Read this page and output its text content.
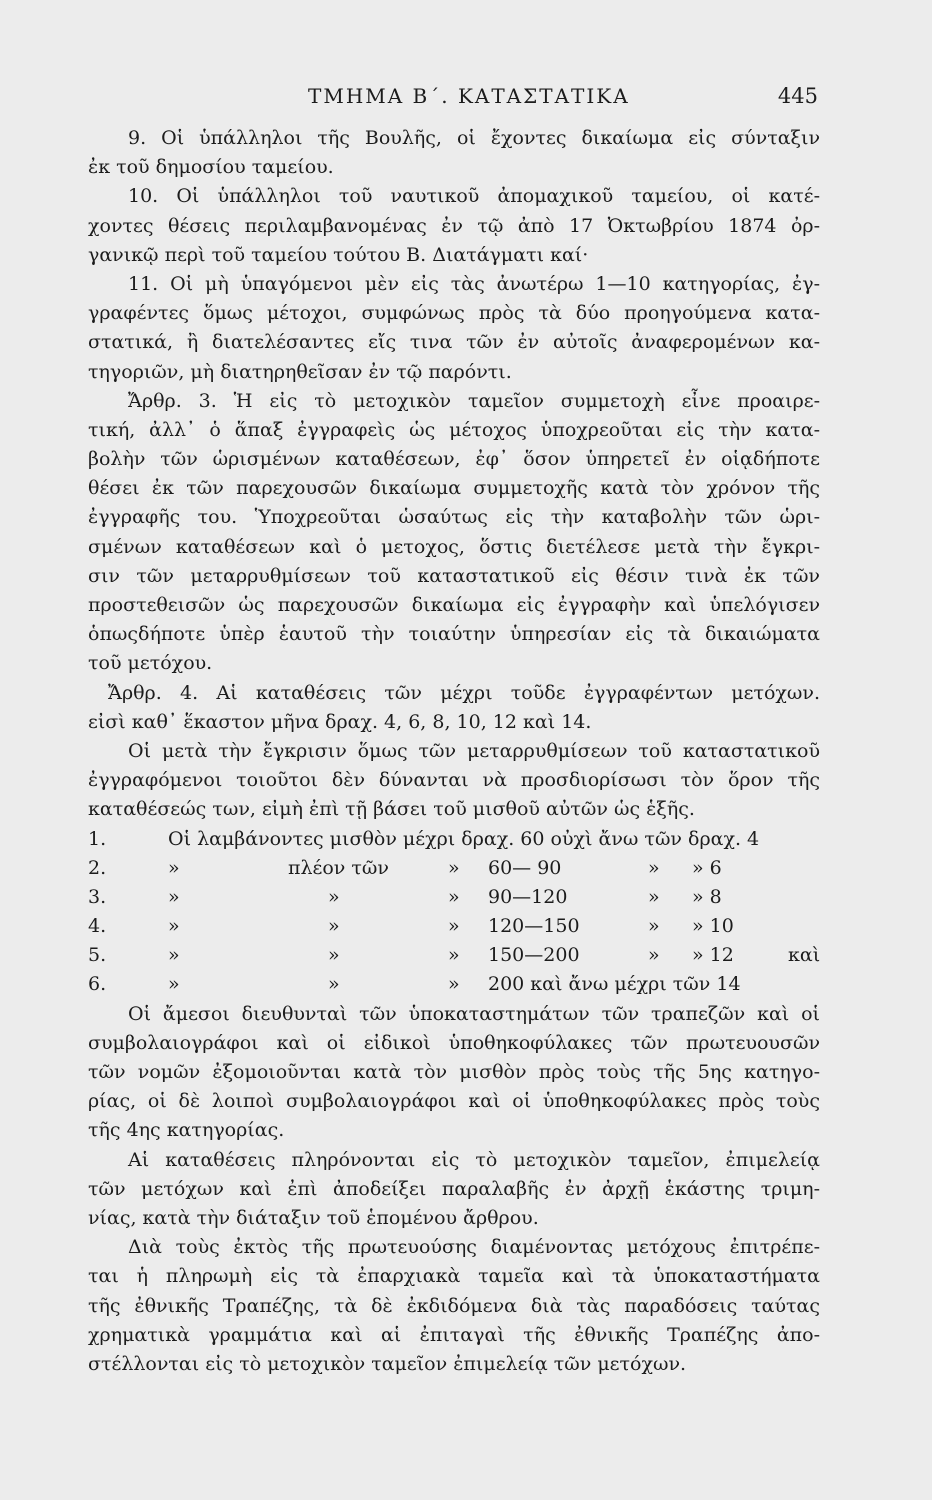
ΤΜΗΜΑ Β΄. ΚΑΤΑΣΤΑΤΙΚΑ	445
9. Οἱ ὑπάλληλοι τῆς Βουλῆς, οἱ ἔχοντες δικαίωμα εἰς σύνταξιν
ἐκ τοῦ δημοσίου ταμείου.
10. Οἱ ὑπάλληλοι τοῦ ναυτικοῦ ἀπομαχικοῦ ταμείου, οἱ κατέ-
χοντες θέσεις περιλαμβανομένας ἐν τῷ ἀπὸ 17 Ὀκτωβρίου 1874 ὀρ-
γανικῷ περὶ τοῦ ταμείου τούτου Β. Διατάγματι καί·
11. Οἱ μὴ ὑπαγόμενοι μὲν εἰς τὰς ἀνωτέρω 1—10 κατηγορίας, ἐγ-
γραφέντες ὅμως μέτοχοι, συμφώνως πρὸς τὰ δύο προηγούμενα κατα-
στατικά, ἢ διατελέσαντες εἴς τινα τῶν ἐν αὐτοῖς ἀναφερομένων κα-
τηγοριῶν, μὴ διατηρηθεῖσαν ἐν τῷ παρόντι.
Ἄρθρ. 3. Ἡ εἰς τὸ μετοχικὸν ταμεῖον συμμετοχὴ εἶνε προαιρε-
τική, ἀλλ᾽ ὁ ἅπαξ ἐγγραφεὶς ὡς μέτοχος ὑποχρεοῦται εἰς τὴν κατα-
βολὴν τῶν ὡρισμένων καταθέσεων, ἐφ᾽ ὅσον ὑπηρετεῖ ἐν οἱᾳδήποτε
θέσει ἐκ τῶν παρεχουσῶν δικαίωμα συμμετοχῆς κατὰ τὸν χρόνον τῆς
ἐγγραφῆς του. Ὑποχρεοῦται ὡσαύτως εἰς τὴν καταβολὴν τῶν ὡρι-
σμένων καταθέσεων καὶ ὁ μετοχος, ὅστις διετέλεσε μετὰ τὴν ἔγκρι-
σιν τῶν μεταρρυθμίσεων τοῦ καταστατικοῦ εἰς θέσιν τινὰ ἐκ τῶν
προστεθεισῶν ὡς παρεχουσῶν δικαίωμα εἰς ἐγγραφὴν καὶ ὑπελόγισεν
ὁπωςδήποτε ὑπὲρ ἑαυτοῦ τὴν τοιαύτην ὑπηρεσίαν εἰς τὰ δικαιώματα
τοῦ μετόχου.
Ἄρθρ. 4. Αἱ καταθέσεις τῶν μέχρι τοῦδε ἐγγραφέντων μετόχων.
εἰσὶ καθ᾽ ἕκαστον μῆνα δραχ. 4, 6, 8, 10, 12 καὶ 14.
Οἱ μετὰ τὴν ἔγκρισιν ὅμως τῶν μεταρρυθμίσεων τοῦ καταστατικοῦ
ἐγγραφόμενοι τοιοῦτοι δὲν δύνανται νὰ προσδιορίσωσι τὸν ὅρον τῆς
καταθέσεώς των, εἰμὴ ἐπὶ τῇ βάσει τοῦ μισθοῦ αὐτῶν ὡς ἑξῆς.
1.	Οἱ λαμβάνοντες μισθὸν μέχρι δραχ. 60 οὐχὶ ἄνω τῶν δραχ. 4
2.	»	πλέον τῶν	» 60— 90	» » 6
3.	»	»	» 90—120	» » 8
4.	»	»	» 120—150	» » 10
5.	»	»	» 150—200	» » 12	καὶ
6.	»	»	» 200 καὶ ἄνω μέχρι τῶν 14
Οἱ ἄμεσοι διευθυνταὶ τῶν ὑποκαταστημάτων τῶν τραπεζῶν καὶ οἱ
συμβολαιογράφοι καὶ οἱ εἰδικοὶ ὑποθηκοφύλακες τῶν πρωτευουσῶν
τῶν νομῶν ἐξομοιοῦνται κατὰ τὸν μισθὸν πρὸς τοὺς τῆς 5ης κατηγο-
ρίας, οἱ δὲ λοιποὶ συμβολαιογράφοι καὶ οἱ ὑποθηκοφύλακες πρὸς τοὺς
τῆς 4ης κατηγορίας.
Αἱ καταθέσεις πληρόνονται εἰς τὸ μετοχικὸν ταμεῖον, ἐπιμελείᾳ
τῶν μετόχων καὶ ἐπὶ ἀποδείξει παραλαβῆς ἐν ἀρχῇ ἑκάστης τριμη-
νίας, κατὰ τὴν διάταξιν τοῦ ἑπομένου ἄρθρου.
Διὰ τοὺς ἐκτὸς τῆς πρωτευούσης διαμένοντας μετόχους ἐπιτρέπε-
ται ἡ πληρωμὴ εἰς τὰ ἐπαρχιακὰ ταμεῖα καὶ τὰ ὑποκαταστήματα
τῆς ἐθνικῆς Τραπέζης, τὰ δὲ ἐκδιδόμενα διὰ τὰς παραδόσεις ταύτας
χρηματικὰ γραμμάτια καὶ αἱ ἐπιταγαὶ τῆς ἐθνικῆς Τραπέζης ἀπο-
στέλλονται εἰς τὸ μετοχικὸν ταμεῖον ἐπιμελείᾳ τῶν μετόχων.
